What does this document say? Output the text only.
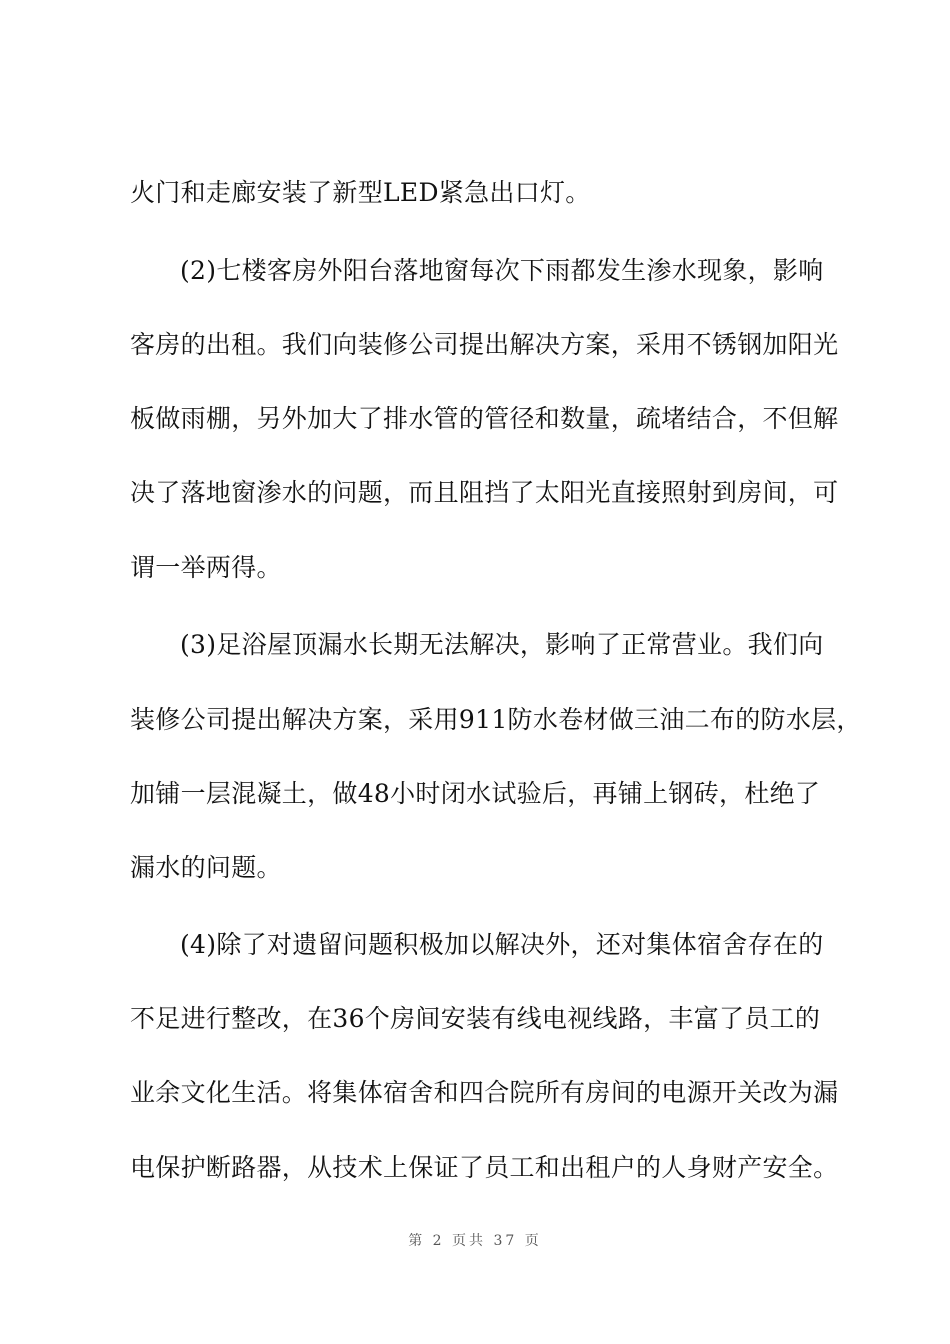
火门和走廊安装了新型LED紧急出口灯。
(2)七楼客房外阳台落地窗每次下雨都发生渗水现象，影响
客房的出租。我们向装修公司提出解决方案，采用不锈钢加阳光
板做雨棚，另外加大了排水管的管径和数量，疏堵结合，不但解
决了落地窗渗水的问题，而且阻挡了太阳光直接照射到房间，可
谓一举两得。
(3)足浴屋顶漏水长期无法解决，影响了正常营业。我们向
装修公司提出解决方案，采用911防水卷材做三油二布的防水层，
加铺一层混凝土，做48小时闭水试验后，再铺上钢砖，杜绝了
漏水的问题。
(4)除了对遗留问题积极加以解决外，还对集体宿舍存在的
不足进行整改，在36个房间安装有线电视线路，丰富了员工的
业余文化生活。将集体宿舍和四合院所有房间的电源开关改为漏
电保护断路器，从技术上保证了员工和出租户的人身财产安全。
第 2 页共 37 页
